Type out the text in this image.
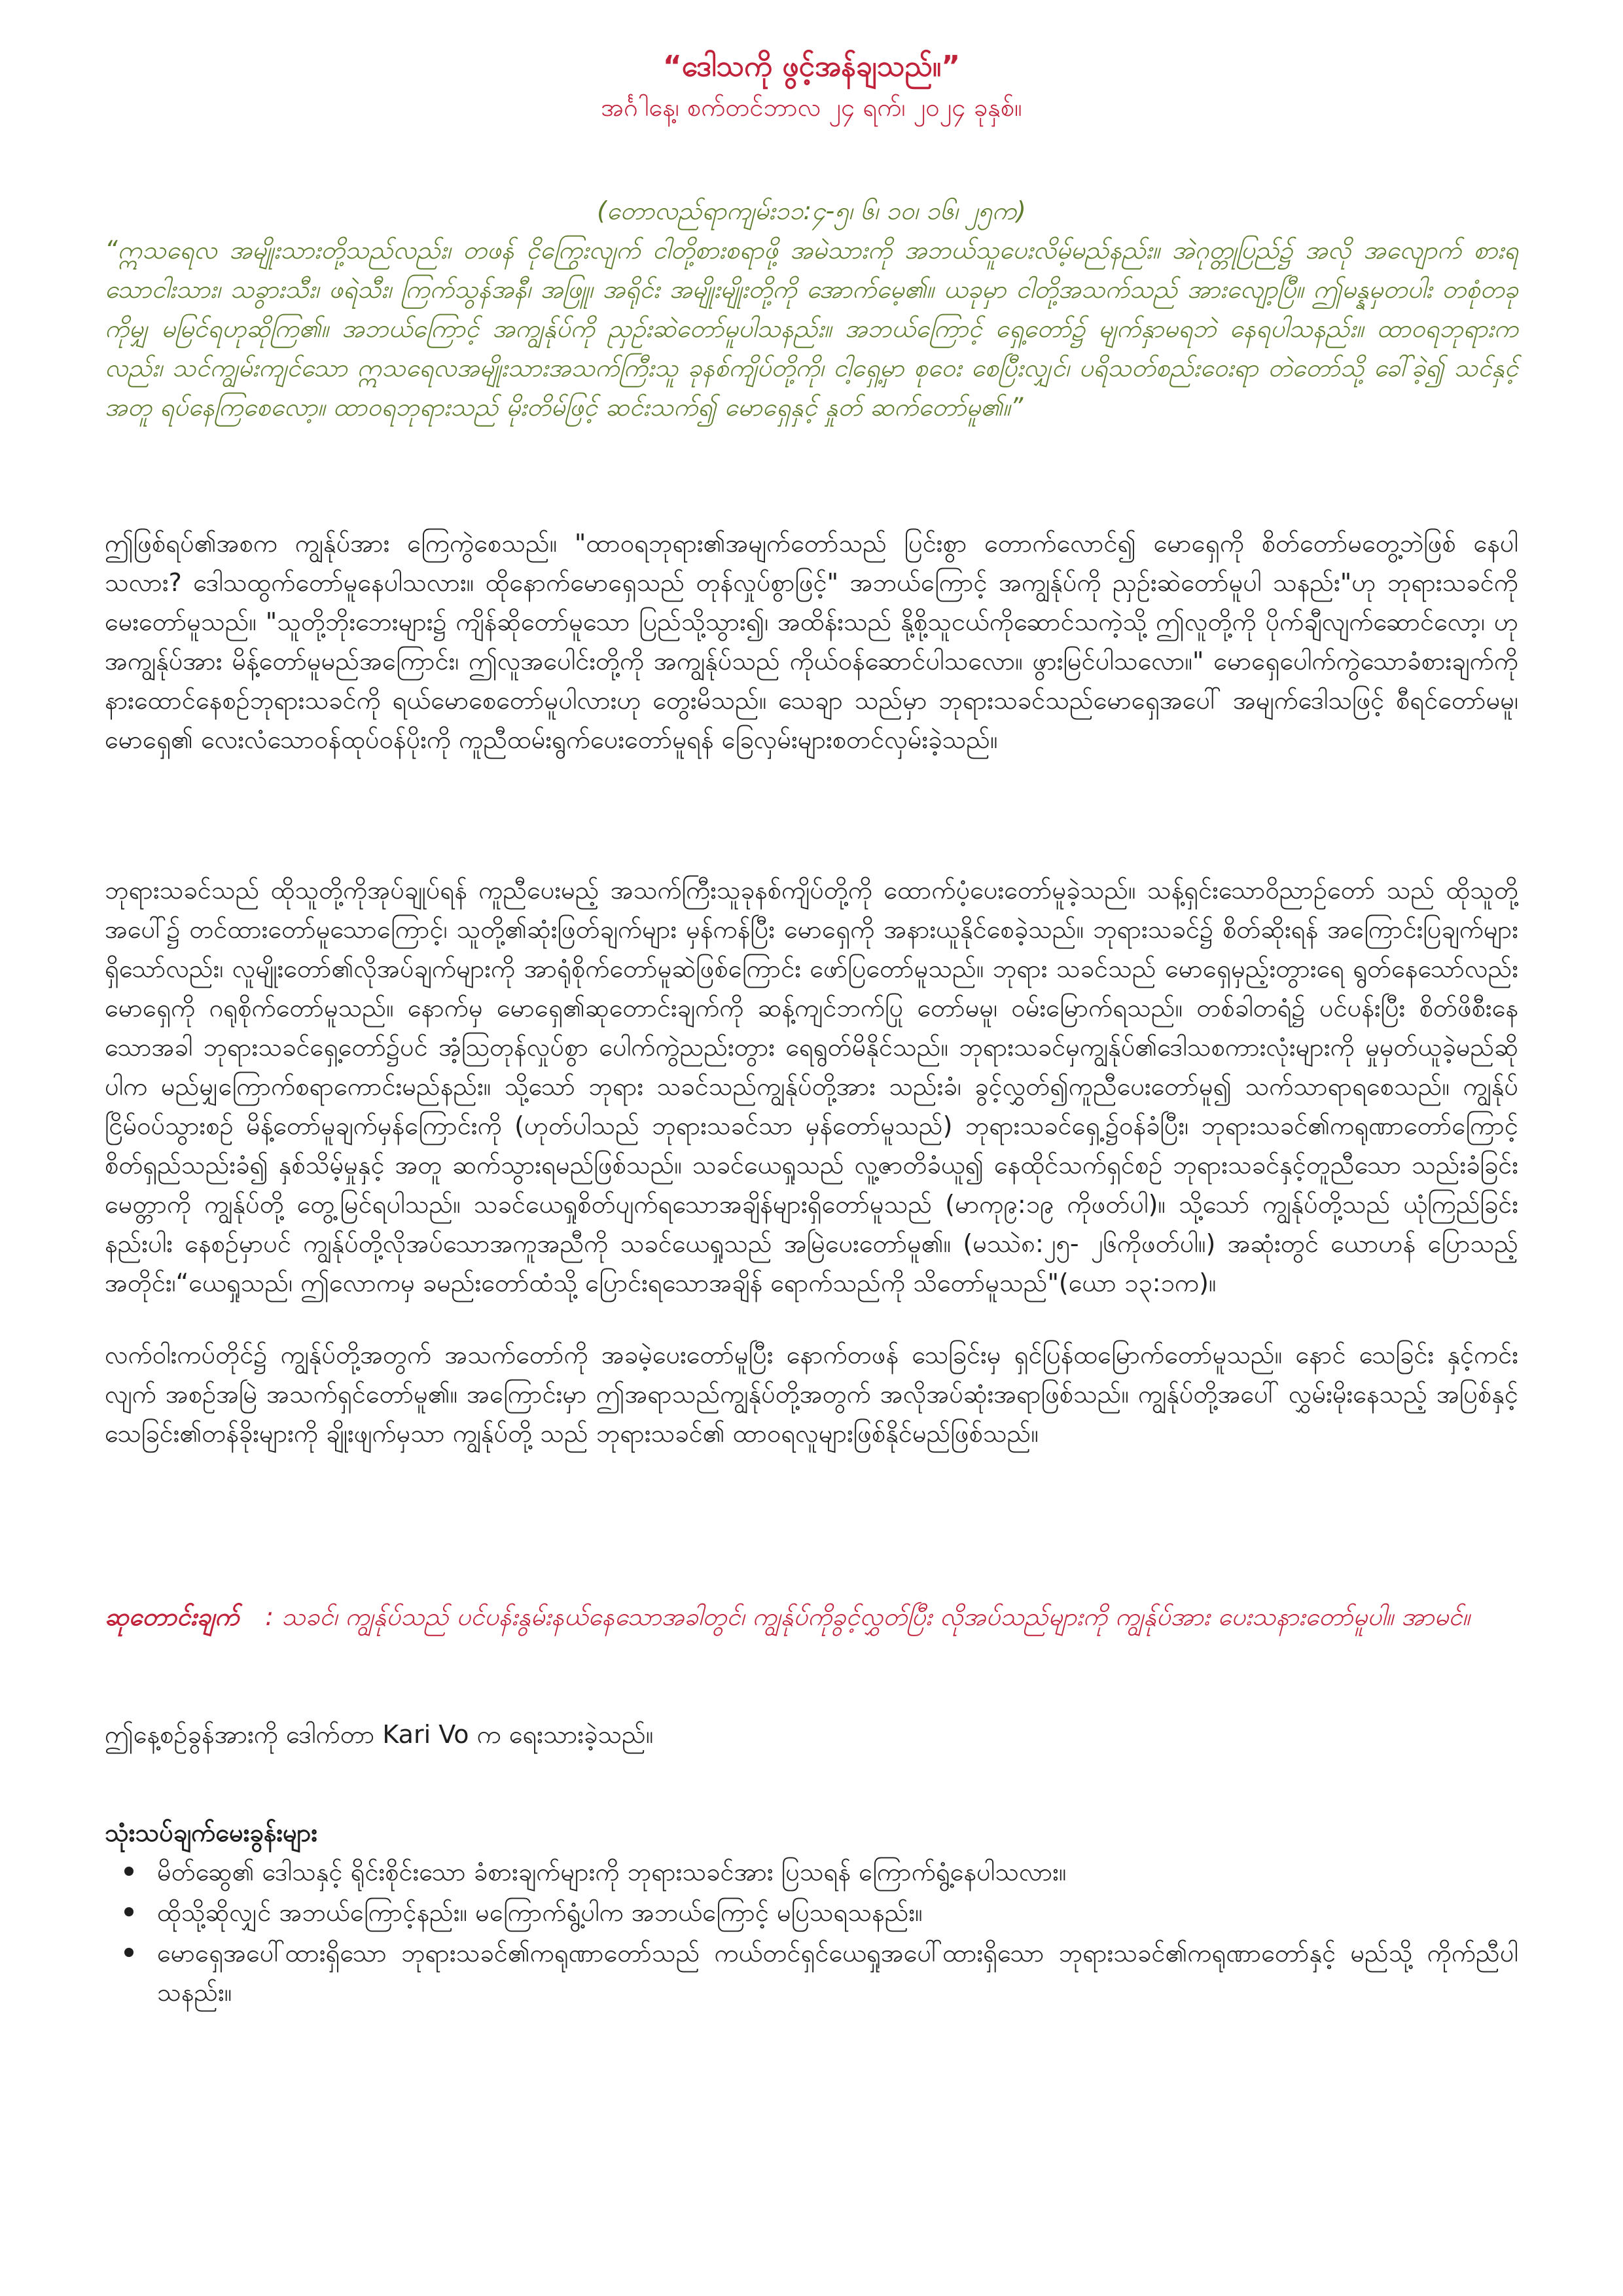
“ဒေါသကို ဖွင့်အန်ချသည်။”

အင်္ဂါနေ့၊ စက်တင်ဘာလ ၂၄ ရက်၊ ၂၀၂၄ ခုနှစ်။

(တောလည်ရာကျမ်း၁၁:၄-၅၊ ၆၊ ၁၀၊ ၁၆၊ ၂၅က)

“ဣသရေလ အမျိုးသားတို့သည်လည်း၊ တဖန် ငိုကြွေးလျက် ငါတို့စားစရာဖို့ အမဲသားကို အဘယ်သူပေးလိမ့်မည်နည်း။ အဲဂုတ္တုပြည်၌ အလို အလျောက် စားရသောငါးသား၊ သခွားသီး၊ ဖရဲသီး၊ ကြက်သွန်အနီ၊ အဖြူ၊ အရိုင်း အမျိုးမျိုးတို့ကို အောက်မေ့၏။ ယခုမှာ ငါတို့အသက်သည် အားလျော့ပြီ။ ဤမန္နမှတပါး တစုံတခုကိုမျှ မမြင်ရဟုဆိုကြ၏။ အဘယ်ကြောင့် အကျွန်ုပ်ကို ညှဉ်းဆဲတော်မူပါသနည်း။ အဘယ်ကြောင့် ရှေ့တော်၌ မျက်နှာမရဘဲ နေရပါသနည်း။ ထာဝရဘုရားကလည်း၊ သင်ကျွမ်းကျင်သော ဣသရေလအမျိုးသားအသက်ကြီးသူ ခုနစ်ကျိပ်တို့ကို၊ ငါ့ရှေ့မှာ စုဝေး စေပြီးလျှင်၊ ပရိသတ်စည်းဝေးရာ တဲတော်သို့ ခေါ်ခဲ့၍ သင်နှင့်အတူ ရပ်နေကြစေလော့။ ထာဝရဘုရားသည် မိုးတိမ်ဖြင့် ဆင်းသက်၍ မောရှေနှင့် နှုတ် ဆက်တော်မူ၏။”

ဤဖြစ်ရပ်၏အစက ကျွန်ုပ်အား ကြေကွဲစေသည်။ "ထာဝရဘုရား၏အမျက်တော်သည် ပြင်းစွာ တောက်လောင်၍ မောရှေကို စိတ်တော်မတွေ့ဘဲဖြစ် နေပါသလား? ဒေါသထွက်တော်မူနေပါသလား။ ထိုနောက်မောရှေသည် တုန်လှုပ်စွာဖြင့်" အဘယ်ကြောင့် အကျွန်ုပ်ကို ညှဉ်းဆဲတော်မူပါ သနည်း"ဟု ဘုရားသခင်ကို မေးတော်မူသည်။ "သူတို့ဘိုးဘေးများ၌ ကျိန်ဆိုတော်မူသော ပြည်သို့သွား၍၊ အထိန်းသည် နို့စို့သူငယ်ကိုဆောင်သကဲ့သို့ ဤလူတို့ကို ပိုက်ချီလျက်ဆောင်လော့၊ ဟုအကျွန်ုပ်အား မိန့်တော်မူမည်အကြောင်း၊ ဤလူအပေါင်းတို့ကို အကျွန်ုပ်သည် ကိုယ်ဝန်ဆောင်ပါသလော။ ဖွားမြင်ပါသလော။" မောရှေပေါက်ကွဲသောခံစားချက်ကို နားထောင်နေစဉ်ဘုရားသခင်ကို ရယ်မောစေတော်မူပါလားဟု တွေးမိသည်။ သေချာ သည်မှာ ဘုရားသခင်သည်မောရှေအပေါ် အမျက်ဒေါသဖြင့် စီရင်တော်မမူ၊ မောရှေ၏ လေးလံသောဝန်ထုပ်ဝန်ပိုးကို ကူညီထမ်းရွက်ပေးတော်မူရန် ခြေလှမ်းများစတင်လှမ်းခဲ့သည်။

ဘုရားသခင်သည် ထိုသူတို့ကိုအုပ်ချုပ်ရန် ကူညီပေးမည့် အသက်ကြီးသူခုနစ်ကျိပ်တို့ကို ထောက်ပံ့ပေးတော်မူခဲ့သည်။ သန့်ရှင်းသောဝိညာဉ်တော် သည် ထိုသူတို့အပေါ်၌ တင်ထားတော်မူသောကြောင့်၊ သူတို့၏ဆုံးဖြတ်ချက်များ မှန်ကန်ပြီး မောရှေကို အနားယူနိုင်စေခဲ့သည်။ ဘုရားသခင်၌ စိတ်ဆိုးရန် အကြောင်းပြချက်များရှိသော်လည်း၊ လူမျိုးတော်၏လိုအပ်ချက်များကို အာရုံစိုက်တော်မူဆဲဖြစ်ကြောင်း ဖော်ပြတော်မူသည်။ ဘုရား သခင်သည် မောရှေမှည့်းတွားရေ ရွတ်နေသော်လည်း မောရှေကို ဂရုစိုက်တော်မူသည်။ နောက်မှ မောရှေ၏ဆုတောင်းချက်ကို ဆန့်ကျင်ဘက်ပြု တော်မမူ၊ ဝမ်းမြောက်ရသည်။ တစ်ခါတရံ၌ ပင်ပန်းပြီး စိတ်ဖိစီးနေသောအခါ ဘုရားသခင်ရှေ့တော်၌ပင် အံ့သြတုန်လှုပ်စွာ ပေါက်ကွဲညည်းတွား ရေရွတ်မိနိုင်သည်။ ဘုရားသခင်မှကျွန်ုပ်၏ဒေါသစကားလုံးများကို မှုမှတ်ယူခဲ့မည်ဆိုပါက မည်မျှကြောက်စရာကောင်းမည်နည်း။ သို့သော် ဘုရား သခင်သည်ကျွန်ုပ်တို့အား သည်းခံ၊ ခွင့်လွှတ်၍ကူညီပေးတော်မူ၍ သက်သာရာရစေသည်။ ကျွန်ုပ်ငြိမ်ဝပ်သွားစဉ် မိန့်တော်မူချက်မှန်ကြောင်းကို (ဟုတ်ပါသည် ဘုရားသခင်သာ မှန်တော်မူသည်) ဘုရားသခင်ရှေ့၌ဝန်ခံပြီး၊ ဘုရားသခင်၏ကရုဏာတော်ကြောင့် စိတ်ရှည်သည်းခံ၍ နှစ်သိမ့်မှုနှင့် အတူ ဆက်သွားရမည်ဖြစ်သည်။ သခင်ယေရှုသည် လူ့ဇာတိခံယူ၍ နေထိုင်သက်ရှင်စဉ် ဘုရားသခင်နှင့်တူညီသော သည်းခံခြင်းမေတ္တာကို ကျွန်ုပ်တို့ တွေ့မြင်ရပါသည်။ သခင်ယေရှုစိတ်ပျက်ရသောအချိန်များရှိတော်မူသည် (မာကု၉:၁၉ ကိုဖတ်ပါ)။ သို့သော် ကျွန်ုပ်တို့သည် ယုံကြည်ခြင်းနည်းပါး နေစဉ်မှာပင် ကျွန်ုပ်တို့လိုအပ်သောအကူအညီကို သခင်ယေရှုသည် အမြဲပေးတော်မူ၏။ (မဿဲ၈:၂၅- ၂၆ကိုဖတ်ပါ။) အဆုံးတွင် ယောဟန် ပြောသည့်အတိုင်း၊“ယေရှုသည်၊ ဤလောကမှ ခမည်းတော်ထံသို့ ပြောင်းရသောအချိန် ရောက်သည်ကို သိတော်မူသည်"(ယော ၁၃:၁က)။

လက်ဝါးကပ်တိုင်၌ ကျွန်ုပ်တို့အတွက် အသက်တော်ကို အခမဲ့ပေးတော်မူပြီး နောက်တဖန် သေခြင်းမှ ရှင်ပြန်ထမြောက်တော်မူသည်။ နောင် သေခြင်း နှင့်ကင်းလျက် အစဉ်အမြဲ အသက်ရှင်တော်မူ၏။ အကြောင်းမှာ ဤအရာသည်ကျွန်ုပ်တို့အတွက် အလိုအပ်ဆုံးအရာဖြစ်သည်။ ကျွန်ုပ်တို့အပေါ် လွှမ်းမိုးနေသည့် အပြစ်နှင့်သေခြင်း၏တန်ခိုးများကို ချိုးဖျက်မှသာ ကျွန်ုပ်တို့ သည် ဘုရားသခင်၏ ထာဝရလူများဖြစ်နိုင်မည်ဖြစ်သည်။

ဆုတောင်းချက် : သခင်၊ ကျွန်ုပ်သည် ပင်ပန်းနွမ်းနယ်နေသောအခါတွင်၊ ကျွန်ုပ်ကိုခွင့်လွှတ်ပြီး လိုအပ်သည်များကို ကျွန်ုပ်အား ပေးသနားတော်မူပါ။ အာမင်။

ဤနေ့စဉ်ခွန်အားကို ဒေါက်တာ Kari Vo က ရေးသားခဲ့သည်။

သုံးသပ်ချက်မေးခွန်းများ

မိတ်ဆွေ၏ ဒေါသနှင့် ရိုင်းစိုင်းသော ခံစားချက်များကို ဘုရားသခင်အား ပြသရန် ကြောက်ရွံ့နေပါသလား။
ထိုသို့ဆိုလျှင် အဘယ်ကြောင့်နည်း။ မကြောက်ရွံ့ပါက အဘယ်ကြောင့် မပြသရသနည်း။
မောရှေအပေါ်ထားရှိသော ဘုရားသခင်၏ကရုဏာတော်သည် ကယ်တင်ရှင်ယေရှုအပေါ်ထားရှိသော ဘုရားသခင်၏ကရုဏာတော်နှင့် မည်သို့ ကိုက်ညီပါသနည်း။
